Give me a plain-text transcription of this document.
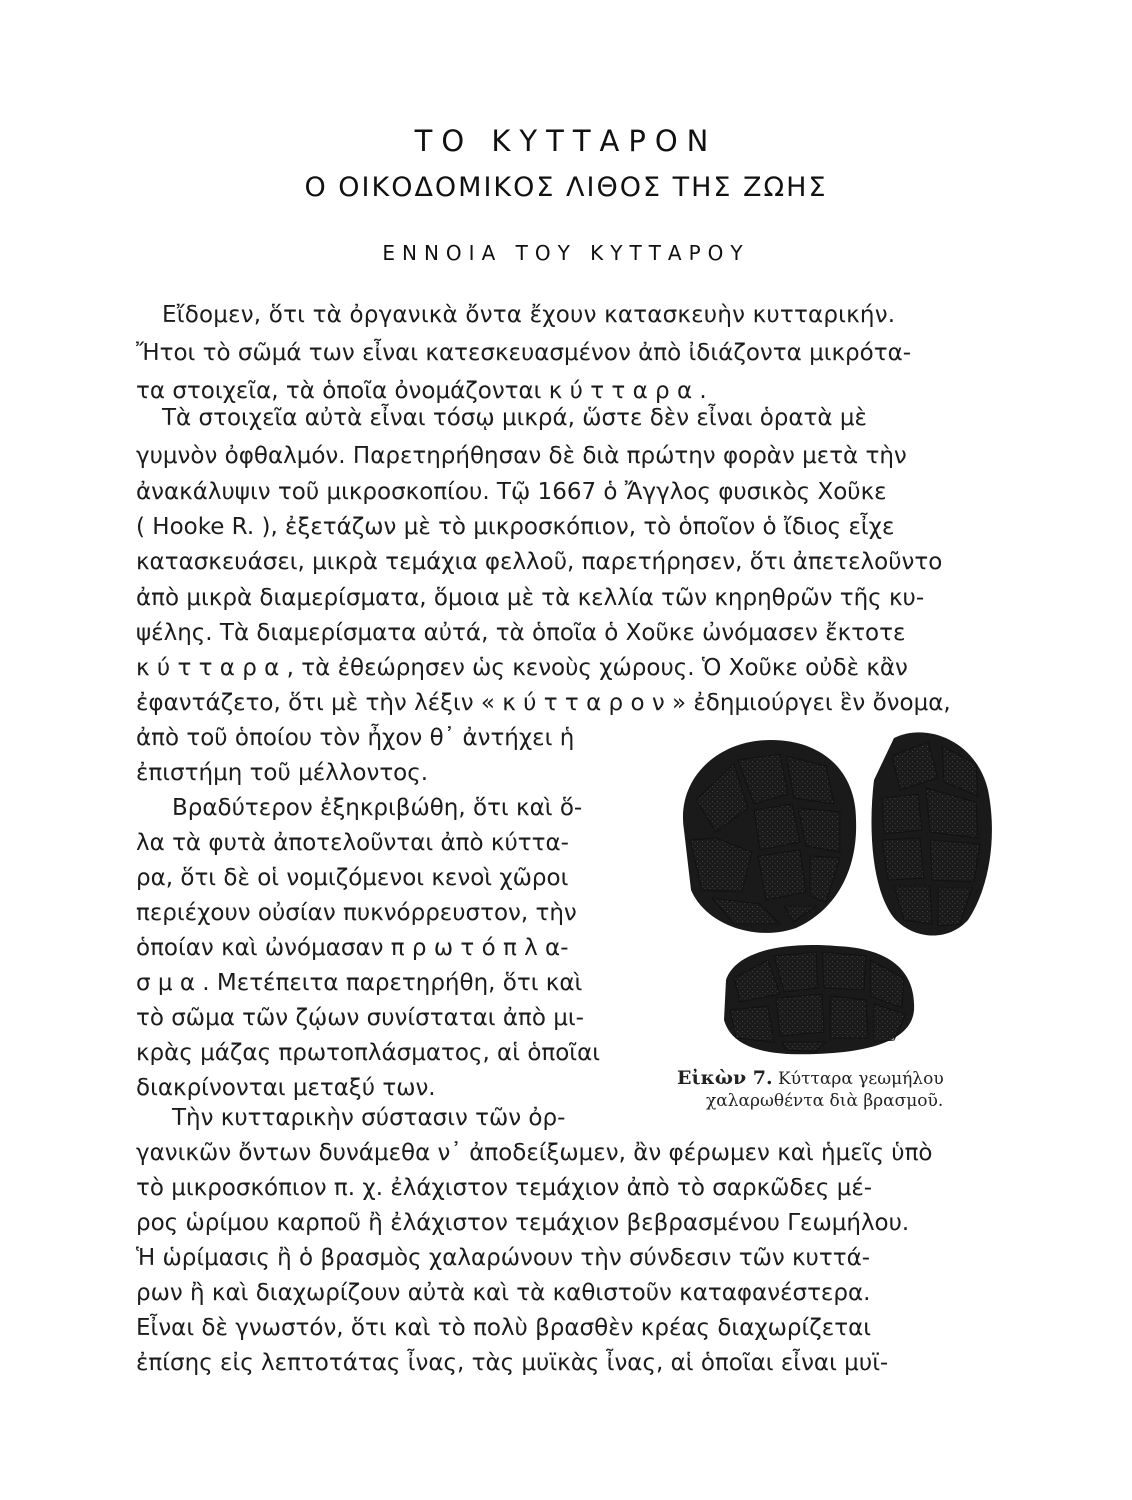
ΤΟ ΚΥΤΤΑΡΟΝ
Ο ΟΙΚΟΔΟΜΙΚΟΣ ΛΙΘΟΣ ΤΗΣ ΖΩΗΣ
ΕΝΝΟΙΑ ΤΟΥ ΚΥΤΤΑΡΟΥ
Εἴδομεν, ὅτι τὰ ὀργανικὰ ὄντα ἔχουν κατασκευὴν κυτταρικήν.
Ἤτοι τὸ σῶμά των εἶναι κατεσκευασμένον ἀπὸ ἰδιάζοντα μικρότα-
τα στοιχεῖα, τὰ ὁποῖα ὀνομάζονται κ ύ τ τ α ρ α .
Τὰ στοιχεῖα αὐτὰ εἶναι τόσῳ μικρά, ὥστε δὲν εἶναι ὁρατὰ μὲ
γυμνὸν ὀφθαλμόν. Παρετηρήθησαν δὲ διὰ πρώτην φορὰν μετὰ τὴν
ἀνακάλυψιν τοῦ μικροσκοπίου. Τῷ 1667 ὁ Ἄγγλος φυσικὸς Χοῦκε
( Hooke R. ), ἐξετάζων μὲ τὸ μικροσκόπιον, τὸ ὁποῖον ὁ ἴδιος εἶχε
κατασκευάσει, μικρὰ τεμάχια φελλοῦ, παρετήρησεν, ὅτι ἀπετελοῦντο
ἀπὸ μικρὰ διαμερίσματα, ὅμοια μὲ τὰ κελλία τῶν κηρηθρῶν τῆς κυ-
ψέλης. Τὰ διαμερίσματα αὐτά, τὰ ὁποῖα ὁ Χοῦκε ὠνόμασεν ἔκτοτε
κ ύ τ τ α ρ α , τὰ ἐθεώρησεν ὡς κενοὺς χώρους. Ὁ Χοῦκε οὐδὲ κἂν
ἐφαντάζετο, ὅτι μὲ τὴν λέξιν « κ ύ τ τ α ρ ο ν » ἐδημιούργει ἓν ὄνομα,
ἀπὸ τοῦ ὁποίου τὸν ἦχον θ᾽ ἀντήχει ἡ
ἐπιστήμη τοῦ μέλλοντος.
Βραδύτερον ἐξηκριβώθη, ὅτι καὶ ὅ-
λα τὰ φυτὰ ἀποτελοῦνται ἀπὸ κύττα-
ρα, ὅτι δὲ οἱ νομιζόμενοι κενοὶ χῶροι
περιέχουν οὐσίαν πυκνόρρευστον, τὴν
ὁποίαν καὶ ὠνόμασαν π ρ ω τ ό π λ α-
σ μ α . Μετέπειτα παρετηρήθη, ὅτι καὶ
τὸ σῶμα τῶν ζῴων συνίσταται ἀπὸ μι-
κρὰς μάζας πρωτοπλάσματος, αἱ ὁποῖαι
διακρίνονται μεταξύ των.
Τὴν κυτταρικὴν σύστασιν τῶν ὀρ-
γανικῶν ὄντων δυνάμεθα ν᾽ ἀποδείξωμεν, ἂν φέρωμεν καὶ ἡμεῖς ὑπὸ
τὸ μικροσκόπιον π. χ. ἐλάχιστον τεμάχιον ἀπὸ τὸ σαρκῶδες μέ-
ρος ὡρίμου καρποῦ ἢ ἐλάχιστον τεμάχιον βεβρασμένου Γεωμήλου.
Ἡ ὡρίμασις ἢ ὁ βρασμὸς χαλαρώνουν τὴν σύνδεσιν τῶν κυττά-
ρων ἢ καὶ διαχωρίζουν αὐτὰ καὶ τὰ καθιστοῦν καταφανέστερα.
Εἶναι δὲ γνωστόν, ὅτι καὶ τὸ πολὺ βρασθὲν κρέας διαχωρίζεται
ἐπίσης εἰς λεπτοτάτας ἶνας, τὰς μυϊκὰς ἶνας, αἱ ὁποῖαι εἶναι μυϊ-
Εἰκὼν 7. Κύτταρα γεωμήλου
χαλαρωθέντα διὰ βρασμοῦ.
